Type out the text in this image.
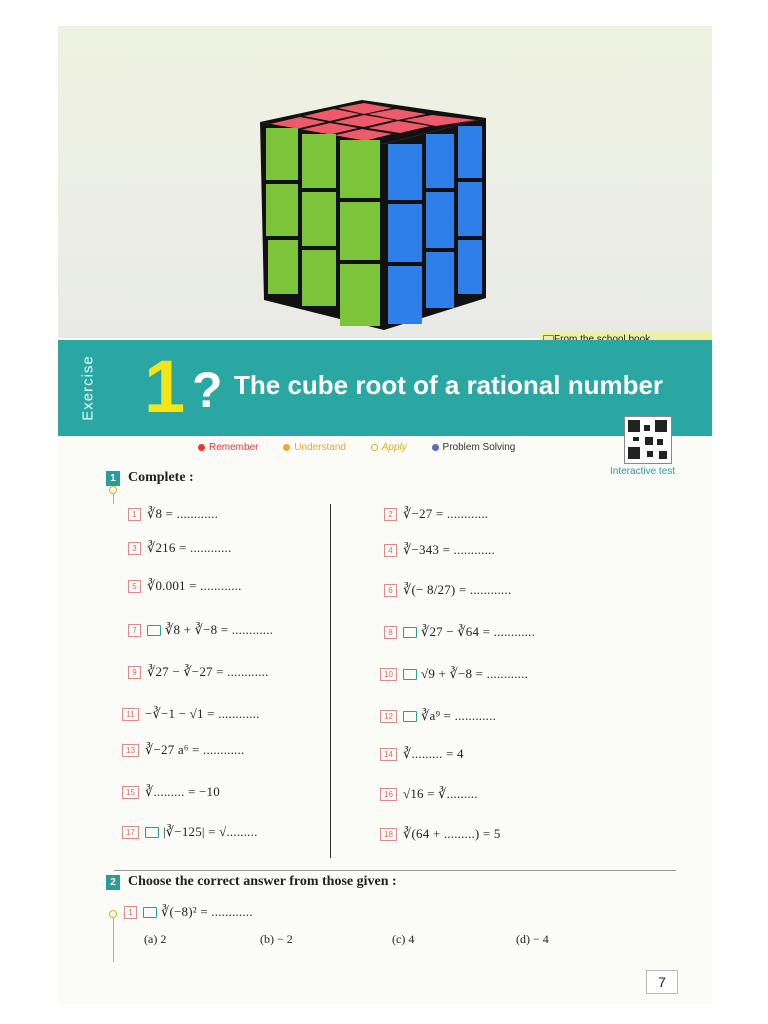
Exercise 1 ? The cube root of a rational number
Remember
	Understand
	Apply
	Problem Solving
Interactive test
1 Complete :
1 ∛8 = ............
3 ∛216 = ............
5 ∛0.001 = ............
7	∛8 + ∛−8 = ............
9 ∛27 − ∛−27 = ............
11 −∛−1 − √1 = ............
13 ∛−27 a⁶ = ............
15 ∛......... = −10
17	|∛−125| = √.........
2 ∛−27 = ............
4 ∛−343 = ............
6 ∛(− 8/27) = ............
8	∛27 − ∛64 = ............
10	√9 + ∛−8 = ............
12	∛a⁹ = ............
14 ∛......... = 4
16 √16 = ∛.........
18 ∛(64 + .........) = 5
2 Choose the correct answer from those given :
1	∛(−8)² = ............
(a) 2	(b) − 2	(c) 4	(d) − 4
7
